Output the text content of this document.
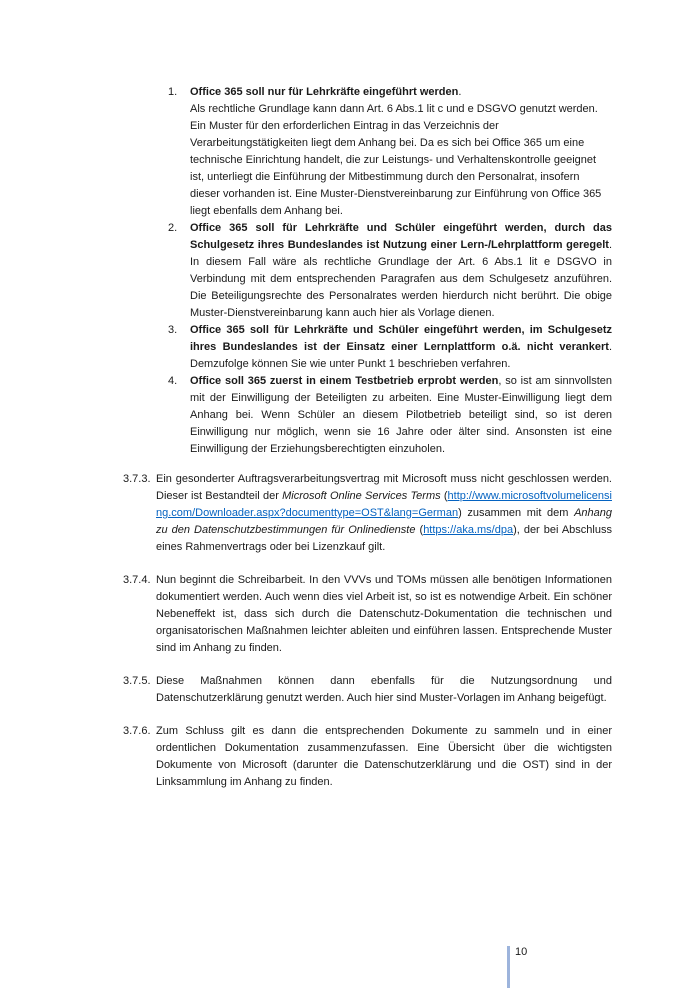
1. Office 365 soll nur für Lehrkräfte eingeführt werden.
Als rechtliche Grundlage kann dann Art. 6 Abs.1 lit c und e DSGVO genutzt werden. Ein Muster für den erforderlichen Eintrag in das Verzeichnis der Verarbeitungstätigkeiten liegt dem Anhang bei. Da es sich bei Office 365 um eine technische Einrichtung handelt, die zur Leistungs- und Verhaltenskontrolle geeignet ist, unterliegt die Einführung der Mitbestimmung durch den Personalrat, insofern dieser vorhanden ist. Eine Muster-Dienstvereinbarung zur Einführung von Office 365 liegt ebenfalls dem Anhang bei.
2. Office 365 soll für Lehrkräfte und Schüler eingeführt werden, durch das Schulgesetz ihres Bundeslandes ist Nutzung einer Lern-/Lehrplattform geregelt. In diesem Fall wäre als rechtliche Grundlage der Art. 6 Abs.1 lit e DSGVO in Verbindung mit dem entsprechenden Paragrafen aus dem Schulgesetz anzuführen. Die Beteiligungsrechte des Personalrates werden hierdurch nicht berührt. Die obige Muster-Dienstvereinbarung kann auch hier als Vorlage dienen.
3. Office 365 soll für Lehrkräfte und Schüler eingeführt werden, im Schulgesetz ihres Bundeslandes ist der Einsatz einer Lernplattform o.ä. nicht verankert. Demzufolge können Sie wie unter Punkt 1 beschrieben verfahren.
4. Office soll 365 zuerst in einem Testbetrieb erprobt werden, so ist am sinnvollsten mit der Einwilligung der Beteiligten zu arbeiten. Eine Muster-Einwilligung liegt dem Anhang bei. Wenn Schüler an diesem Pilotbetrieb beteiligt sind, so ist deren Einwilligung nur möglich, wenn sie 16 Jahre oder älter sind. Ansonsten ist eine Einwilligung der Erziehungsberechtigten einzuholen.
3.7.3. Ein gesonderter Auftragsverarbeitungsvertrag mit Microsoft muss nicht geschlossen werden. Dieser ist Bestandteil der Microsoft Online Services Terms (http://www.microsoftvolumelicensing.com/Downloader.aspx?documenttype=OST&lang=German) zusammen mit dem Anhang zu den Datenschutzbestimmungen für Onlinedienste (https://aka.ms/dpa), der bei Abschluss eines Rahmenvertrags oder bei Lizenzkauf gilt.
3.7.4. Nun beginnt die Schreibarbeit. In den VVVs und TOMs müssen alle benötigen Informationen dokumentiert werden. Auch wenn dies viel Arbeit ist, so ist es notwendige Arbeit. Ein schöner Nebeneffekt ist, dass sich durch die Datenschutz-Dokumentation die technischen und organisatorischen Maßnahmen leichter ableiten und einführen lassen. Entsprechende Muster sind im Anhang zu finden.
3.7.5. Diese Maßnahmen können dann ebenfalls für die Nutzungsordnung und Datenschutzerklärung genutzt werden. Auch hier sind Muster-Vorlagen im Anhang beigefügt.
3.7.6. Zum Schluss gilt es dann die entsprechenden Dokumente zu sammeln und in einer ordentlichen Dokumentation zusammenzufassen. Eine Übersicht über die wichtigsten Dokumente von Microsoft (darunter die Datenschutzerklärung und die OST) sind in der Linksammlung im Anhang zu finden.
10
